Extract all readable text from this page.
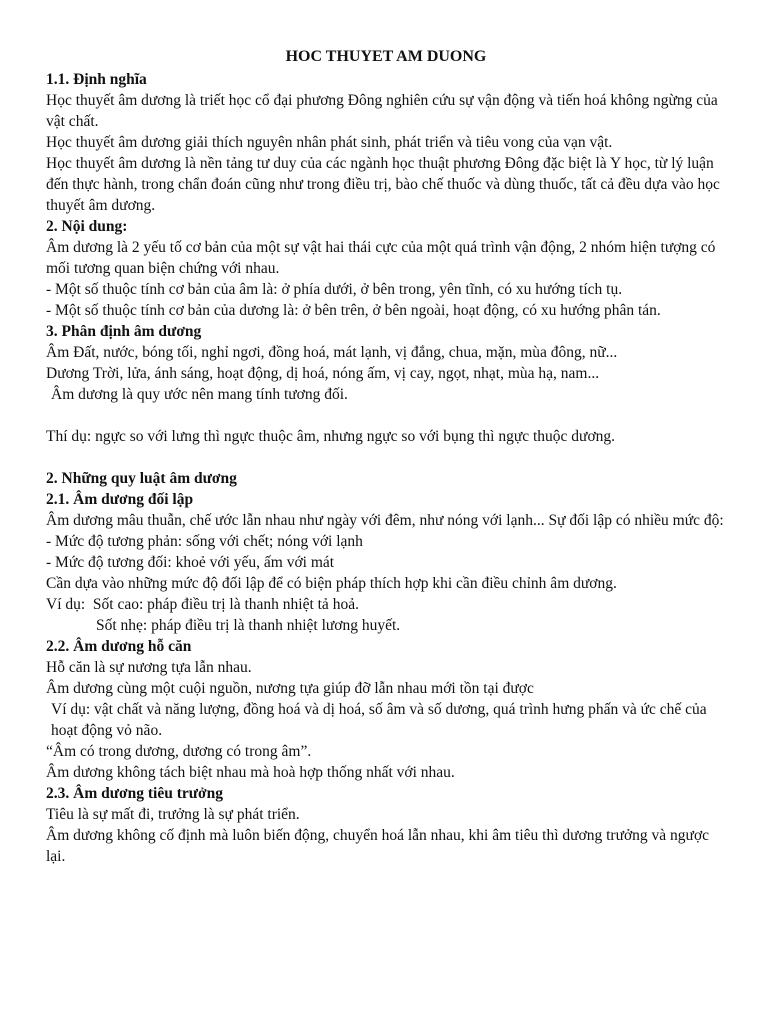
HOC THUYET AM DUONG
1.1. Định nghĩa

Học thuyết âm dương là triết học cổ đại phương Đông nghiên cứu sự vận động và tiến hoá không ngừng của vật chất.

Học thuyết âm dương giải thích nguyên nhân phát sinh, phát triển và tiêu vong của vạn vật.

Học thuyết âm dương là nền tảng tư duy của các ngành học thuật phương Đông đặc biệt là Y học, từ lý luận đến thực hành, trong chẩn đoán cũng như trong điều trị, bào chế thuốc và dùng thuốc, tất cả đều dựa vào học thuyết âm dương.

2. Nội dung:

Âm dương là 2 yếu tố cơ bản của một sự vật hai thái cực của một quá trình vận động, 2 nhóm hiện tượng có mối tương quan biện chứng với nhau.

- Một số thuộc tính cơ bản của âm là: ở phía dưới, ở bên trong, yên tĩnh, có xu hướng tích tụ.

- Một số thuộc tính cơ bản của dương là: ở bên trên, ở bên ngoài, hoạt động, có xu hướng phân tán.

3. Phân định âm dương

Âm Đất, nước, bóng tối, nghỉ ngơi, đồng hoá, mát lạnh, vị đắng, chua, mặn, mùa đông, nữ...

Dương Trời, lửa, ánh sáng, hoạt động, dị hoá, nóng ấm, vị cay, ngọt, nhạt, mùa hạ, nam...

Âm dương là quy ước nên mang tính tương đối.

Thí dụ: ngực so với lưng thì ngực thuộc âm, nhưng ngực so với bụng thì ngực thuộc dương.

2. Những quy luật âm dương
2.1. Âm dương đối lập

Âm dương mâu thuẫn, chế ước lẫn nhau như ngày với đêm, như nóng với lạnh... Sự đối lập có nhiều mức độ:

- Mức độ tương phản: sống với chết; nóng với lạnh

- Mức độ tương đối: khoẻ với yếu, ấm với mát

Cần dựa vào những mức độ đối lập để có biện pháp thích hợp khi cần điều chỉnh âm dương.

Ví dụ:  Sốt cao: pháp điều trị là thanh nhiệt tả hoả.

Sốt nhẹ: pháp điều trị là thanh nhiệt lương huyết.

2.2. Âm dương hỗ căn

Hỗ căn là sự nương tựa lẫn nhau.

Âm dương cùng một cuội nguồn, nương tựa giúp đỡ lẫn nhau mới tồn tại được

Ví dụ: vật chất và năng lượng, đồng hoá và dị hoá, số âm và số dương, quá trình hưng phấn và ức chế của hoạt động vỏ não.

“Âm có trong dương, dương có trong âm”.

Âm dương không tách biệt nhau mà hoà hợp thống nhất với nhau.

2.3. Âm dương tiêu trưởng

Tiêu là sự mất đi, trưởng là sự phát triển.

Âm dương không cố định mà luôn biến động, chuyển hoá lẫn nhau, khi âm tiêu thì dương trưởng và ngược lại.
